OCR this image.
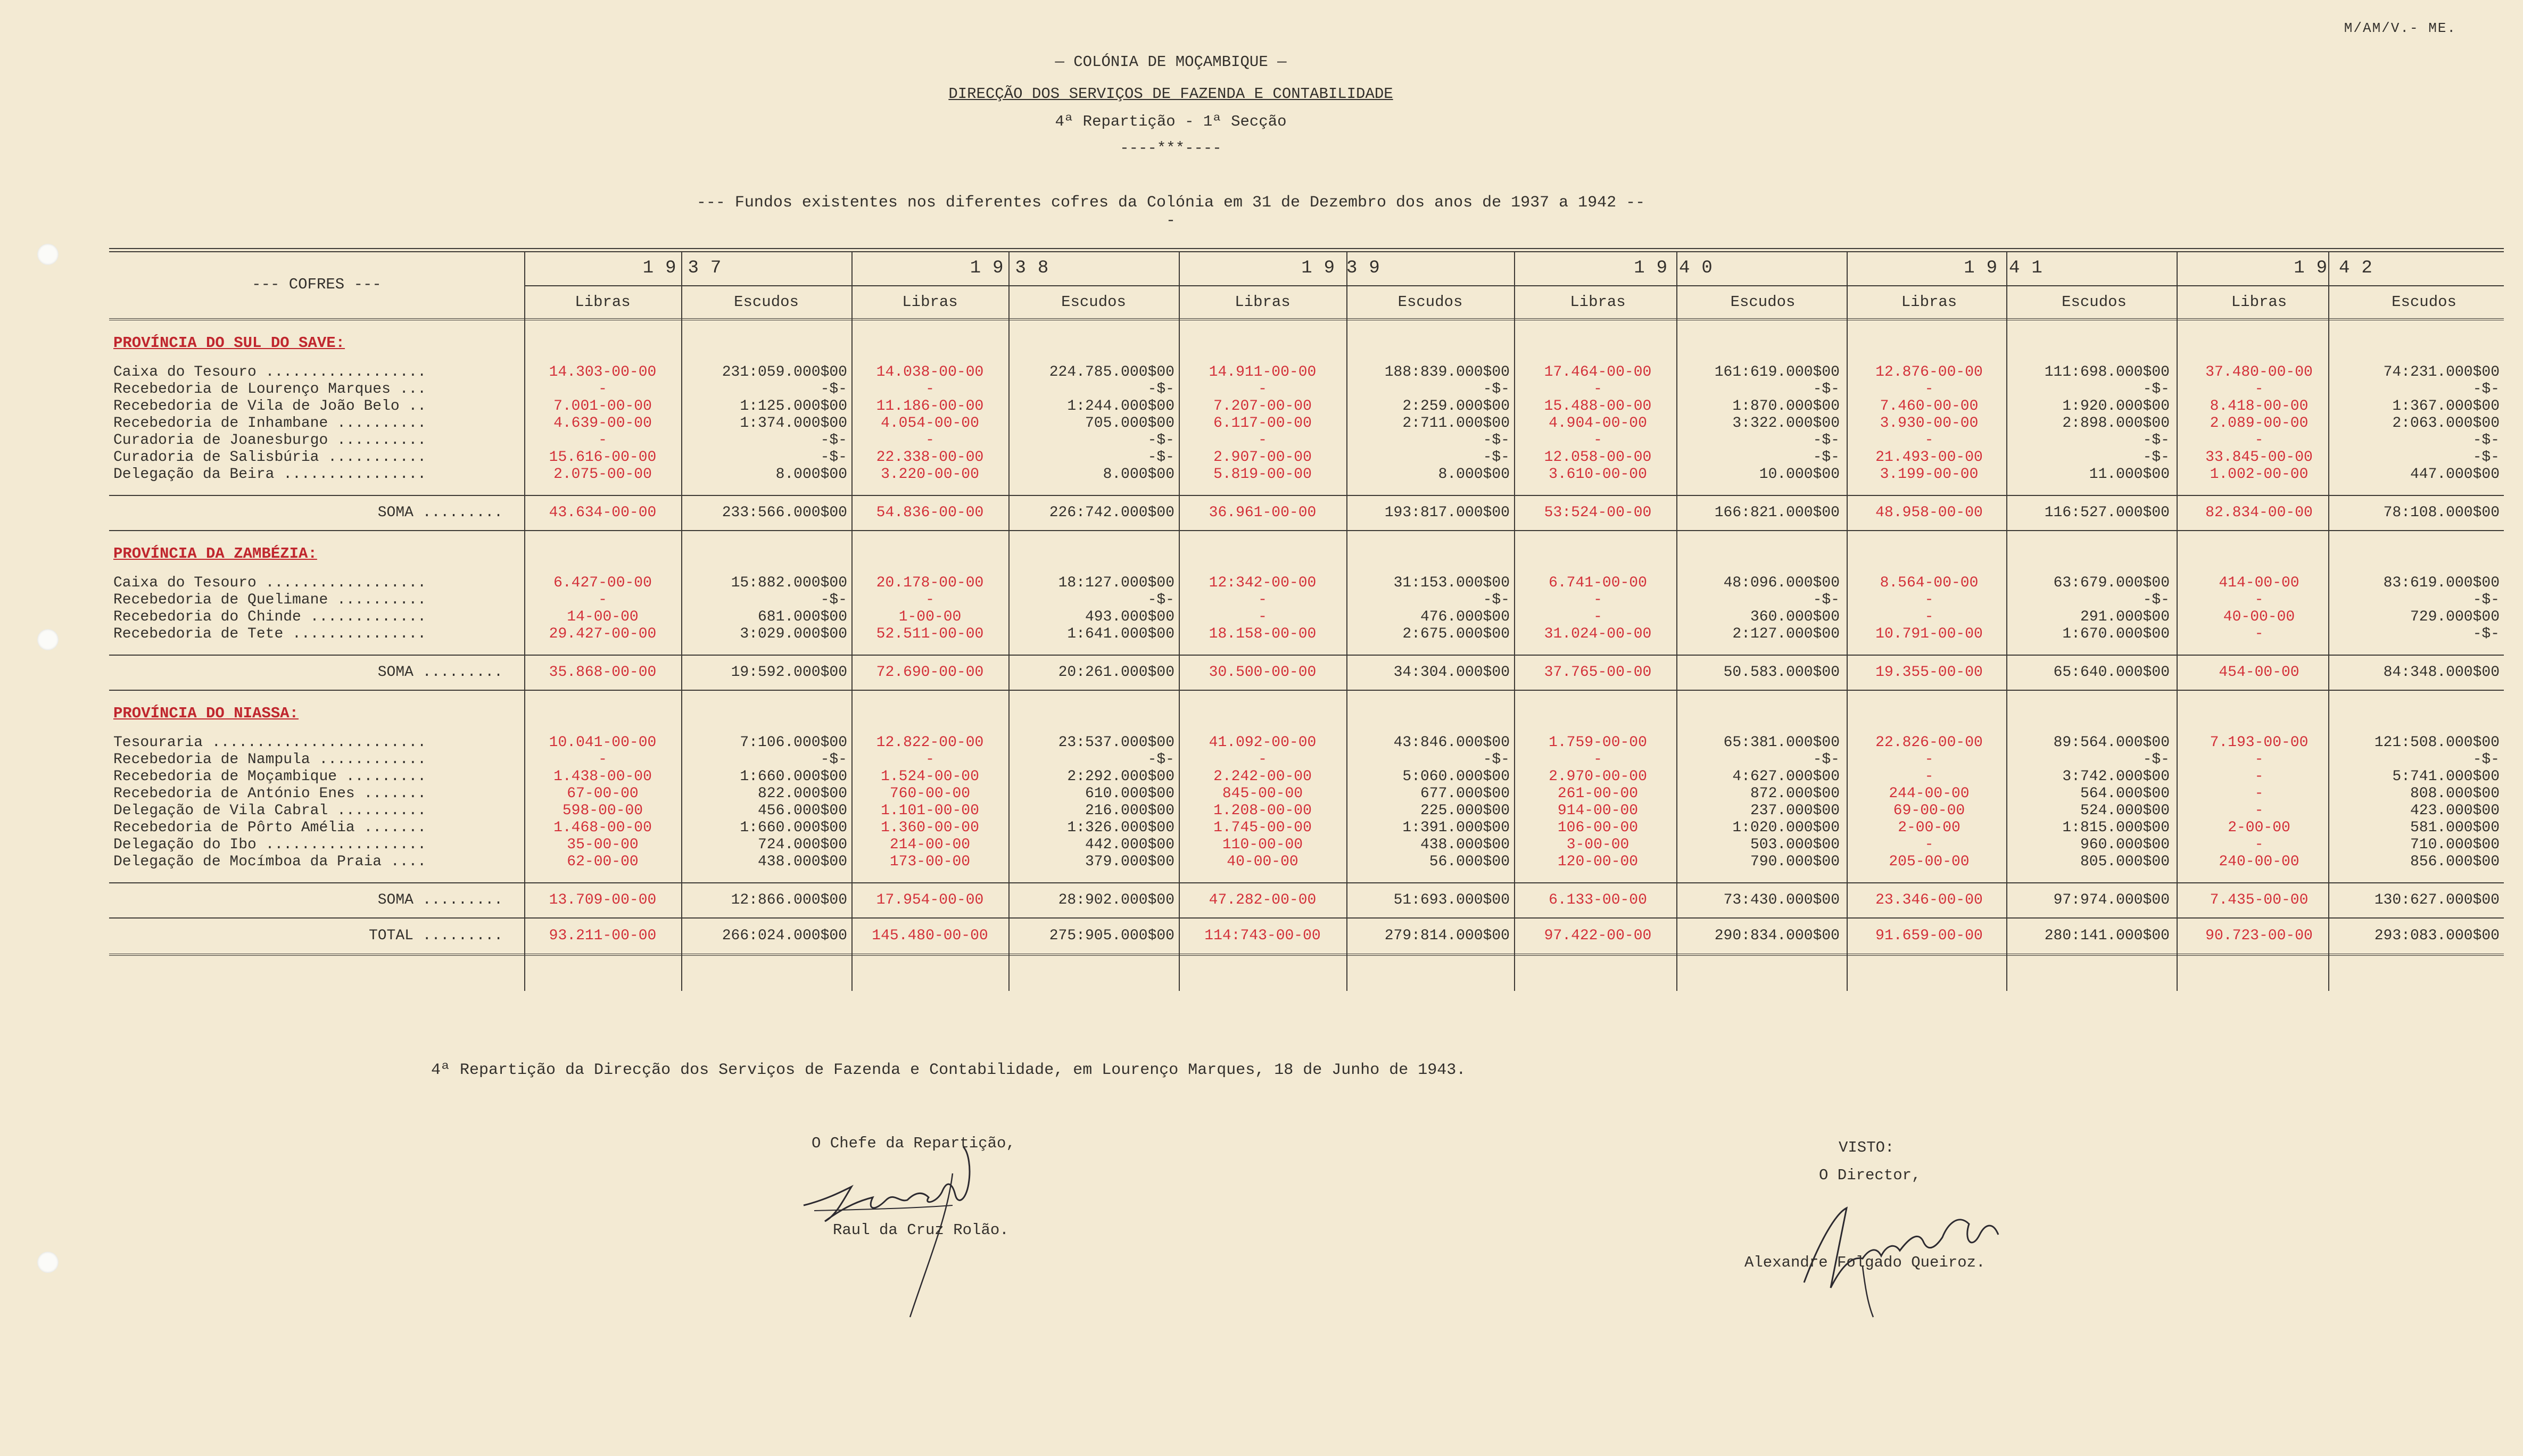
M/AM/V.- ME.
— COLÓNIA DE MOÇAMBIQUE —
DIRECÇÃO DOS SERVIÇOS DE FAZENDA E CONTABILIDADE
4ª Repartição - 1ª Secção
----***----
--- Fundos existentes nos diferentes cofres da Colónia em 31 de Dezembro dos anos de 1937 a 1942 ---
--- COFRES ---	1937		1938		1939		1940		1941		1942	
	Libras	Escudos	Libras	Escudos	Libras	Escudos	Libras	Escudos	Libras	Escudos	Libras	Escudos
PROVÍNCIA DO SUL DO SAVE:												

Caixa do Tesouro ..................	14.303-00-00	231:059.000$00	14.038-00-00	224.785.000$00	14.911-00-00	188:839.000$00	17.464-00-00	161:619.000$00	12.876-00-00	111:698.000$00	37.480-00-00	74:231.000$00
Recebedoria de Lourenço Marques ...	-	-$-	-	-$-	-	-$-	-	-$-	-	-$-	-	-$-
Recebedoria de Vila de João Belo ..	7.001-00-00	1:125.000$00	11.186-00-00	1:244.000$00	7.207-00-00	2:259.000$00	15.488-00-00	1:870.000$00	7.460-00-00	1:920.000$00	8.418-00-00	1:367.000$00
Recebedoria de Inhambane ..........	4.639-00-00	1:374.000$00	4.054-00-00	705.000$00	6.117-00-00	2:711.000$00	4.904-00-00	3:322.000$00	3.930-00-00	2:898.000$00	2.089-00-00	2:063.000$00
Curadoria de Joanesburgo ..........	-	-$-	-	-$-	-	-$-	-	-$-	-	-$-	-	-$-
Curadoria de Salisbúria ...........	15.616-00-00	-$-	22.338-00-00	-$-	2.907-00-00	-$-	12.058-00-00	-$-	21.493-00-00	-$-	33.845-00-00	-$-
Delegação da Beira ................	2.075-00-00	8.000$00	3.220-00-00	8.000$00	5.819-00-00	8.000$00	3.610-00-00	10.000$00	3.199-00-00	11.000$00	1.002-00-00	447.000$00

SOMA .........	43.634-00-00	233:566.000$00	54.836-00-00	226:742.000$00	36.961-00-00	193:817.000$00	53:524-00-00	166:821.000$00	48.958-00-00	116:527.000$00	82.834-00-00	78:108.000$00
PROVÍNCIA DA ZAMBÉZIA:												

Caixa do Tesouro ..................	6.427-00-00	15:882.000$00	20.178-00-00	18:127.000$00	12:342-00-00	31:153.000$00	6.741-00-00	48:096.000$00	8.564-00-00	63:679.000$00	414-00-00	83:619.000$00
Recebedoria de Quelimane ..........	-	-$-	-	-$-	-	-$-	-	-$-	-	-$-	-	-$-
Recebedoria do Chinde .............	14-00-00	681.000$00	1-00-00	493.000$00	-	476.000$00	-	360.000$00	-	291.000$00	40-00-00	729.000$00
Recebedoria de Tete ...............	29.427-00-00	3:029.000$00	52.511-00-00	1:641.000$00	18.158-00-00	2:675.000$00	31.024-00-00	2:127.000$00	10.791-00-00	1:670.000$00	-	-$-

SOMA .........	35.868-00-00	19:592.000$00	72.690-00-00	20:261.000$00	30.500-00-00	34:304.000$00	37.765-00-00	50.583.000$00	19.355-00-00	65:640.000$00	454-00-00	84:348.000$00
PROVÍNCIA DO NIASSA:												

Tesouraria ........................	10.041-00-00	7:106.000$00	12.822-00-00	23:537.000$00	41.092-00-00	43:846.000$00	1.759-00-00	65:381.000$00	22.826-00-00	89:564.000$00	7.193-00-00	121:508.000$00
Recebedoria de Nampula ............	-	-$-	-	-$-	-	-$-	-	-$-	-	-$-	-	-$-
Recebedoria de Moçambique .........	1.438-00-00	1:660.000$00	1.524-00-00	2:292.000$00	2.242-00-00	5:060.000$00	2.970-00-00	4:627.000$00	-	3:742.000$00	-	5:741.000$00
Recebedoria de António Enes .......	67-00-00	822.000$00	760-00-00	610.000$00	845-00-00	677.000$00	261-00-00	872.000$00	244-00-00	564.000$00	-	808.000$00
Delegação de Vila Cabral ..........	598-00-00	456.000$00	1.101-00-00	216.000$00	1.208-00-00	225.000$00	914-00-00	237.000$00	69-00-00	524.000$00	-	423.000$00
Recebedoria de Pôrto Amélia .......	1.468-00-00	1:660.000$00	1.360-00-00	1:326.000$00	1.745-00-00	1:391.000$00	106-00-00	1:020.000$00	2-00-00	1:815.000$00	2-00-00	581.000$00
Delegação do Ibo ..................	35-00-00	724.000$00	214-00-00	442.000$00	110-00-00	438.000$00	3-00-00	503.000$00	-	960.000$00	-	710.000$00
Delegação de Mocímboa da Praia ....	62-00-00	438.000$00	173-00-00	379.000$00	40-00-00	56.000$00	120-00-00	790.000$00	205-00-00	805.000$00	240-00-00	856.000$00

SOMA .........	13.709-00-00	12:866.000$00	17.954-00-00	28:902.000$00	47.282-00-00	51:693.000$00	6.133-00-00	73:430.000$00	23.346-00-00	97:974.000$00	7.435-00-00	130:627.000$00
TOTAL .........	93.211-00-00	266:024.000$00	145.480-00-00	275:905.000$00	114:743-00-00	279:814.000$00	97.422-00-00	290:834.000$00	91.659-00-00	280:141.000$00	90.723-00-00	293:083.000$00
4ª Repartição da Direcção dos Serviços de Fazenda e Contabilidade, em Lourenço Marques, 18 de Junho de 1943.
O Chefe da Repartição,
Raul da Cruz Rolão.
VISTO:
O Director,
Alexandre Folgado Queiroz.
